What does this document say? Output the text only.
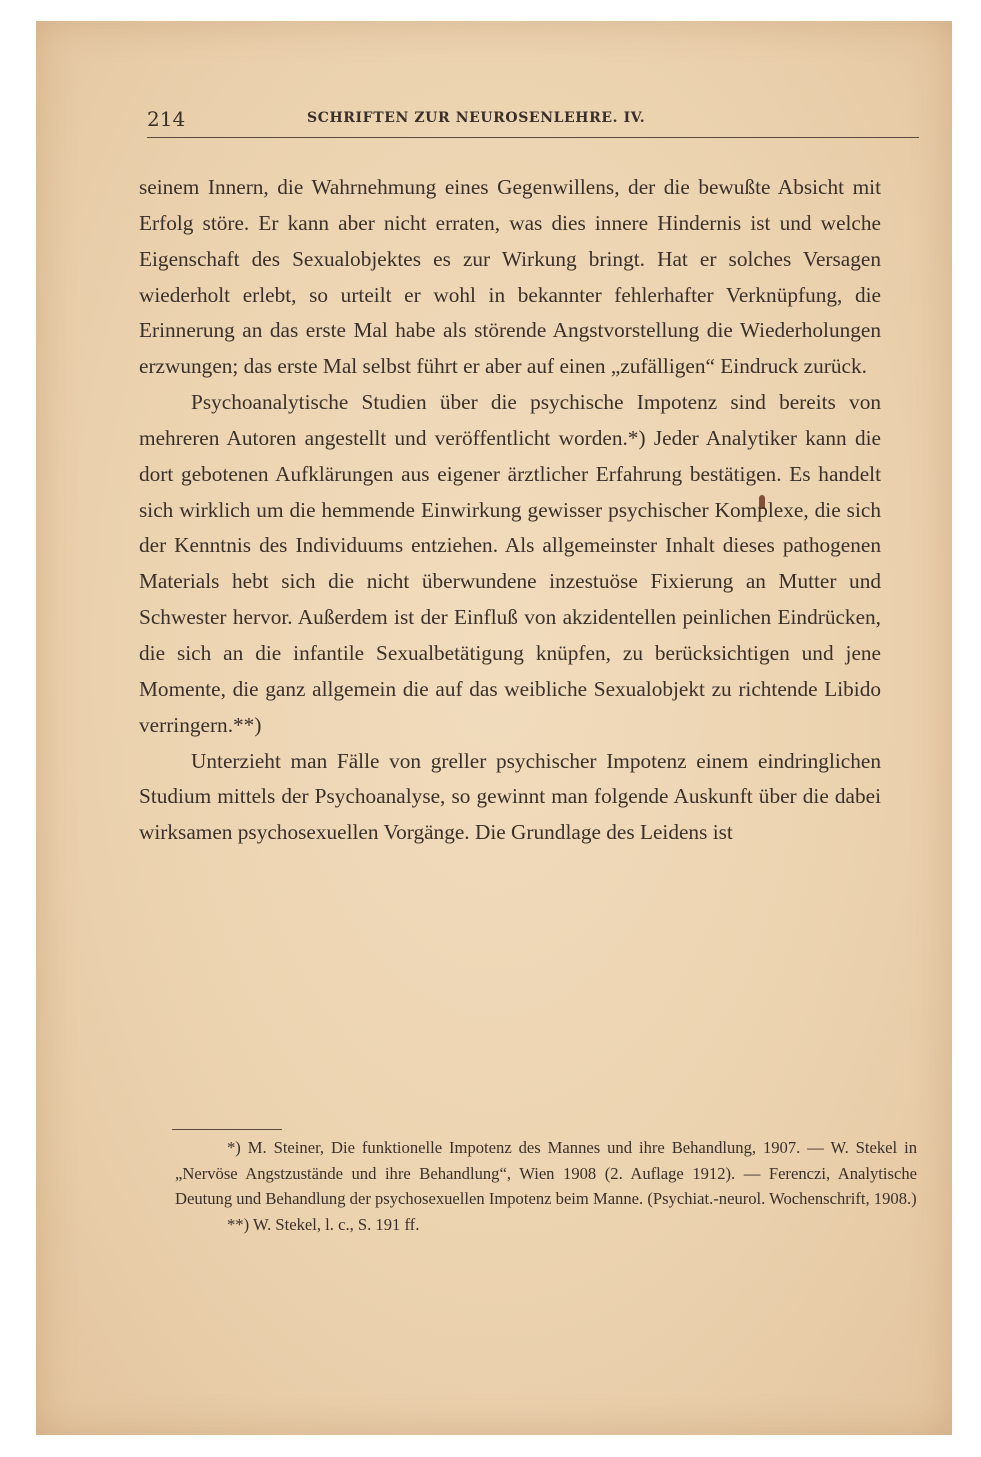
214	SCHRIFTEN ZUR NEUROSENLEHRE. IV.

seinem Innern, die Wahrnehmung eines Gegenwillens, der die bewußte Absicht mit Erfolg störe. Er kann aber nicht erraten, was dies innere Hindernis ist und welche Eigenschaft des Sexualobjektes es zur Wirkung bringt. Hat er solches Versagen wiederholt erlebt, so urteilt er wohl in bekannter fehlerhafter Verknüpfung, die Erinnerung an das erste Mal habe als störende Angstvorstellung die Wiederholungen erzwungen; das erste Mal selbst führt er aber auf einen „zufälligen“ Eindruck zurück.

Psychoanalytische Studien über die psychische Impotenz sind bereits von mehreren Autoren angestellt und veröffentlicht worden.*) Jeder Analytiker kann die dort gebotenen Aufklärungen aus eigener ärztlicher Erfahrung bestätigen. Es handelt sich wirklich um die hemmende Einwirkung gewisser psychischer Komplexe, die sich der Kenntnis des Individuums entziehen. Als allgemeinster Inhalt dieses pathogenen Materials hebt sich die nicht überwundene inzestuöse Fixierung an Mutter und Schwester hervor. Außerdem ist der Einfluß von akzidentellen peinlichen Eindrücken, die sich an die infantile Sexualbetätigung knüpfen, zu berücksichtigen und jene Momente, die ganz allgemein die auf das weibliche Sexualobjekt zu richtende Libido verringern.**)

Unterzieht man Fälle von greller psychischer Impotenz einem eindringlichen Studium mittels der Psychoanalyse, so gewinnt man folgende Auskunft über die dabei wirksamen psychosexuellen Vorgänge. Die Grundlage des Leidens ist

*) M. Steiner, Die funktionelle Impotenz des Mannes und ihre Behandlung, 1907. — W. Stekel in „Nervöse Angstzustände und ihre Behandlung“, Wien 1908 (2. Auflage 1912). — Ferenczi, Analytische Deutung und Behandlung der psychosexuellen Impotenz beim Manne. (Psychiat.-neurol. Wochenschrift, 1908.)

**) W. Stekel, l. c., S. 191 ff.
